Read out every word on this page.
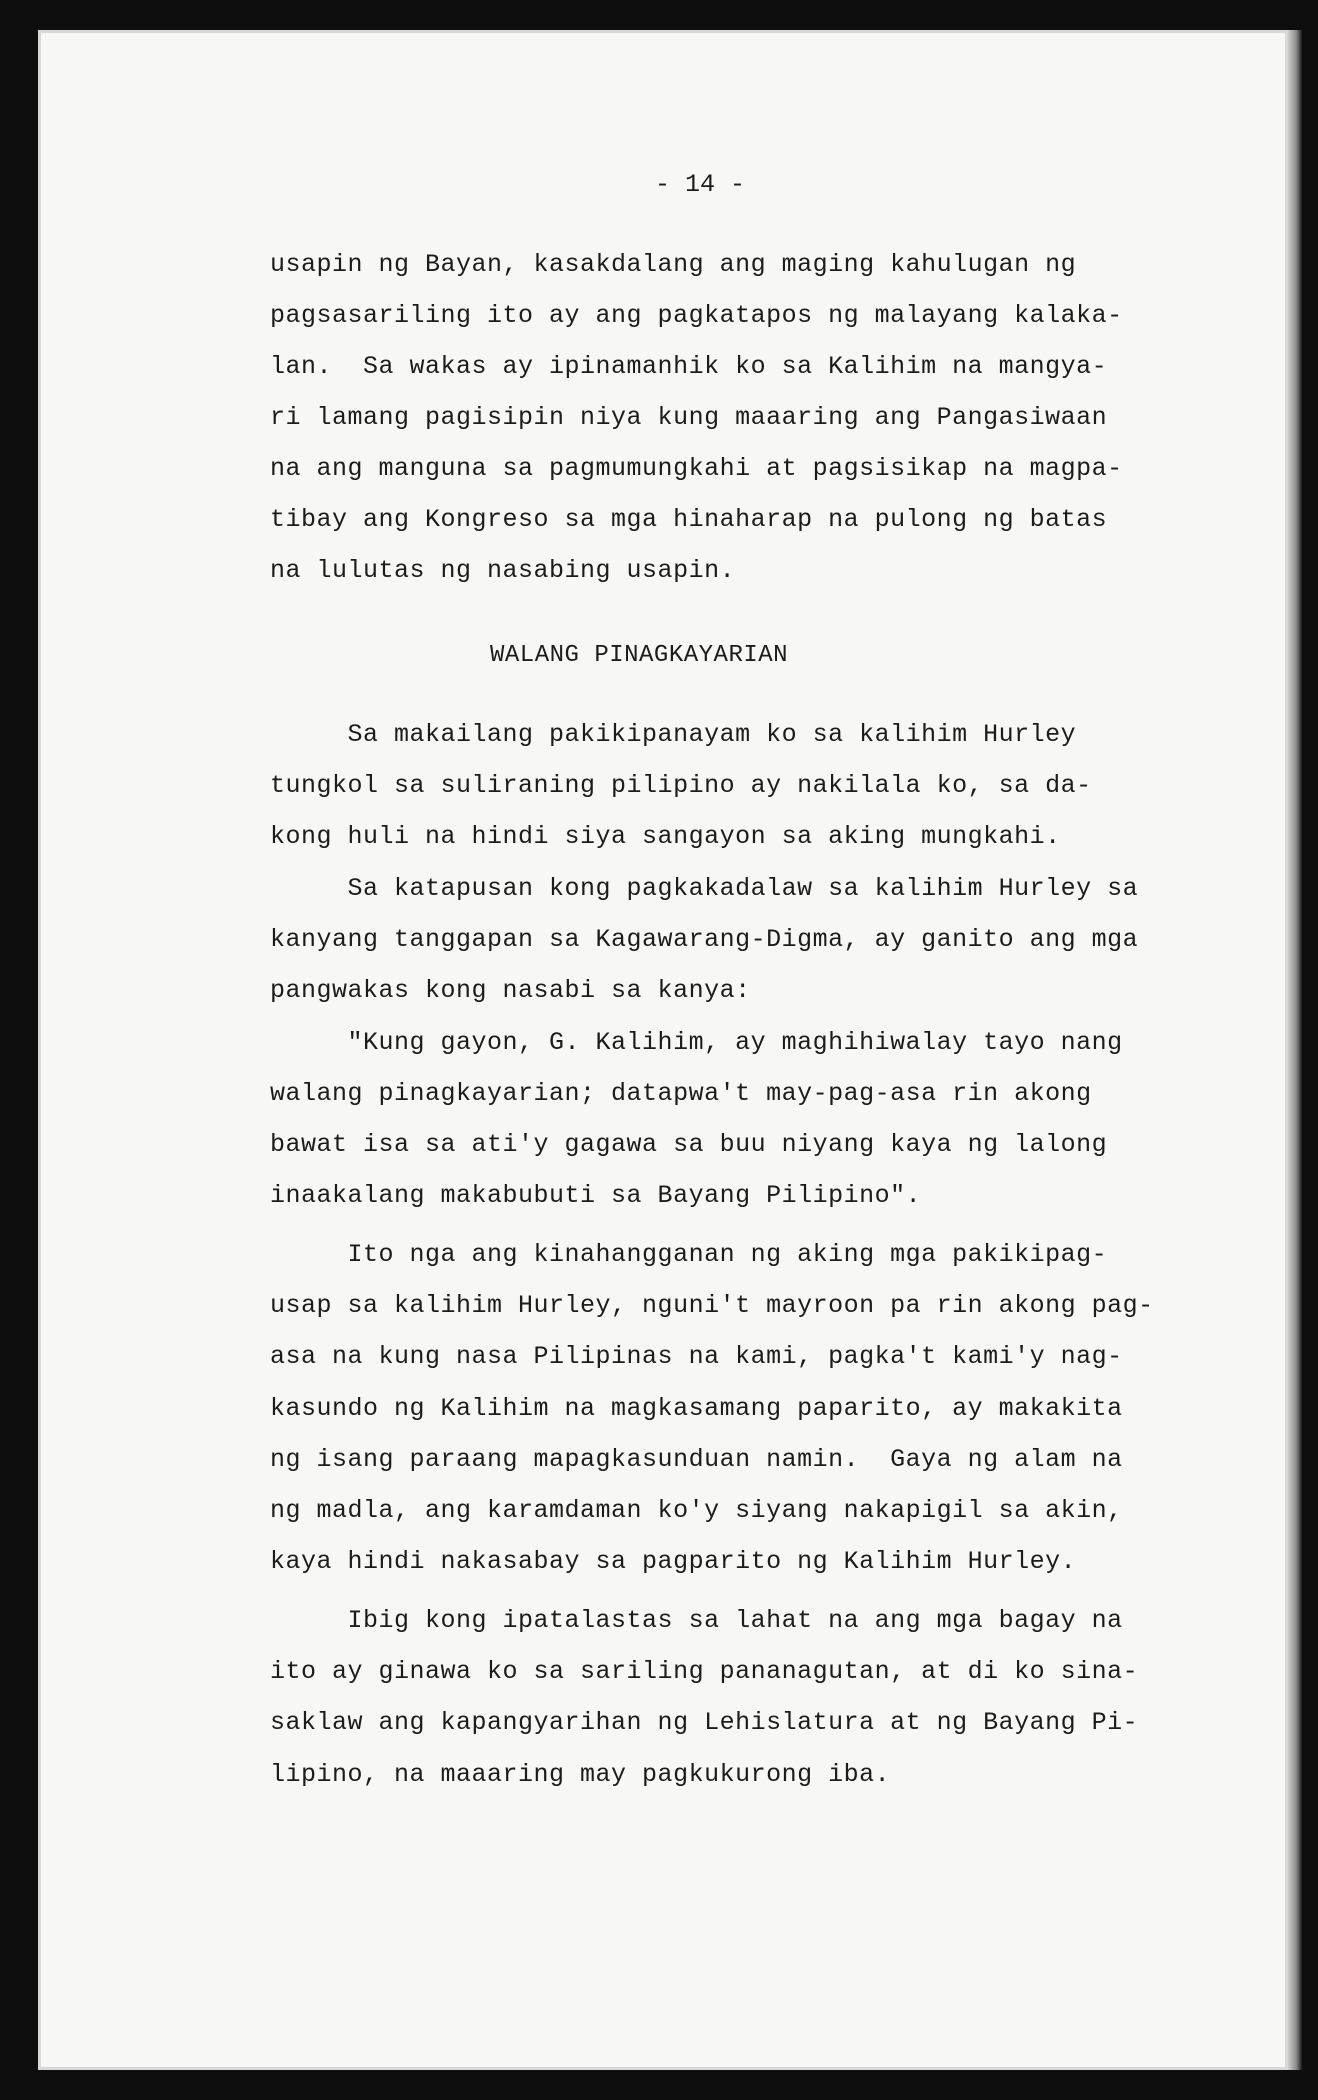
- 14 -
WALANG PINAGKAYARIAN
usapin ng Bayan, kasakdalang ang maging kahulugan ng
pagsasariling ito ay ang pagkatapos ng malayang kalaka-
lan.  Sa wakas ay ipinamanhik ko sa Kalihim na mangya-
ri lamang pagisipin niya kung maaaring ang Pangasiwaan
na ang manguna sa pagmumungkahi at pagsisikap na magpa-
tibay ang Kongreso sa mga hinaharap na pulong ng batas
na lulutas ng nasabing usapin.
Sa makailang pakikipanayam ko sa kalihim Hurley
tungkol sa suliraning pilipino ay nakilala ko, sa da-
kong huli na hindi siya sangayon sa aking mungkahi.
Sa katapusan kong pagkakadalaw sa kalihim Hurley sa
kanyang tanggapan sa Kagawarang-Digma, ay ganito ang mga
pangwakas kong nasabi sa kanya:
"Kung gayon, G. Kalihim, ay maghihiwalay tayo nang
walang pinagkayarian; datapwa't may-pag-asa rin akong
bawat isa sa ati'y gagawa sa buu niyang kaya ng lalong
inaakalang makabubuti sa Bayang Pilipino".
Ito nga ang kinahangganan ng aking mga pakikipag-
usap sa kalihim Hurley, nguni't mayroon pa rin akong pag-
asa na kung nasa Pilipinas na kami, pagka't kami'y nag-
kasundo ng Kalihim na magkasamang paparito, ay makakita
ng isang paraang mapagkasunduan namin.  Gaya ng alam na
ng madla, ang karamdaman ko'y siyang nakapigil sa akin,
kaya hindi nakasabay sa pagparito ng Kalihim Hurley.
Ibig kong ipatalastas sa lahat na ang mga bagay na
ito ay ginawa ko sa sariling pananagutan, at di ko sina-
saklaw ang kapangyarihan ng Lehislatura at ng Bayang Pi-
lipino, na maaaring may pagkukurong iba.
